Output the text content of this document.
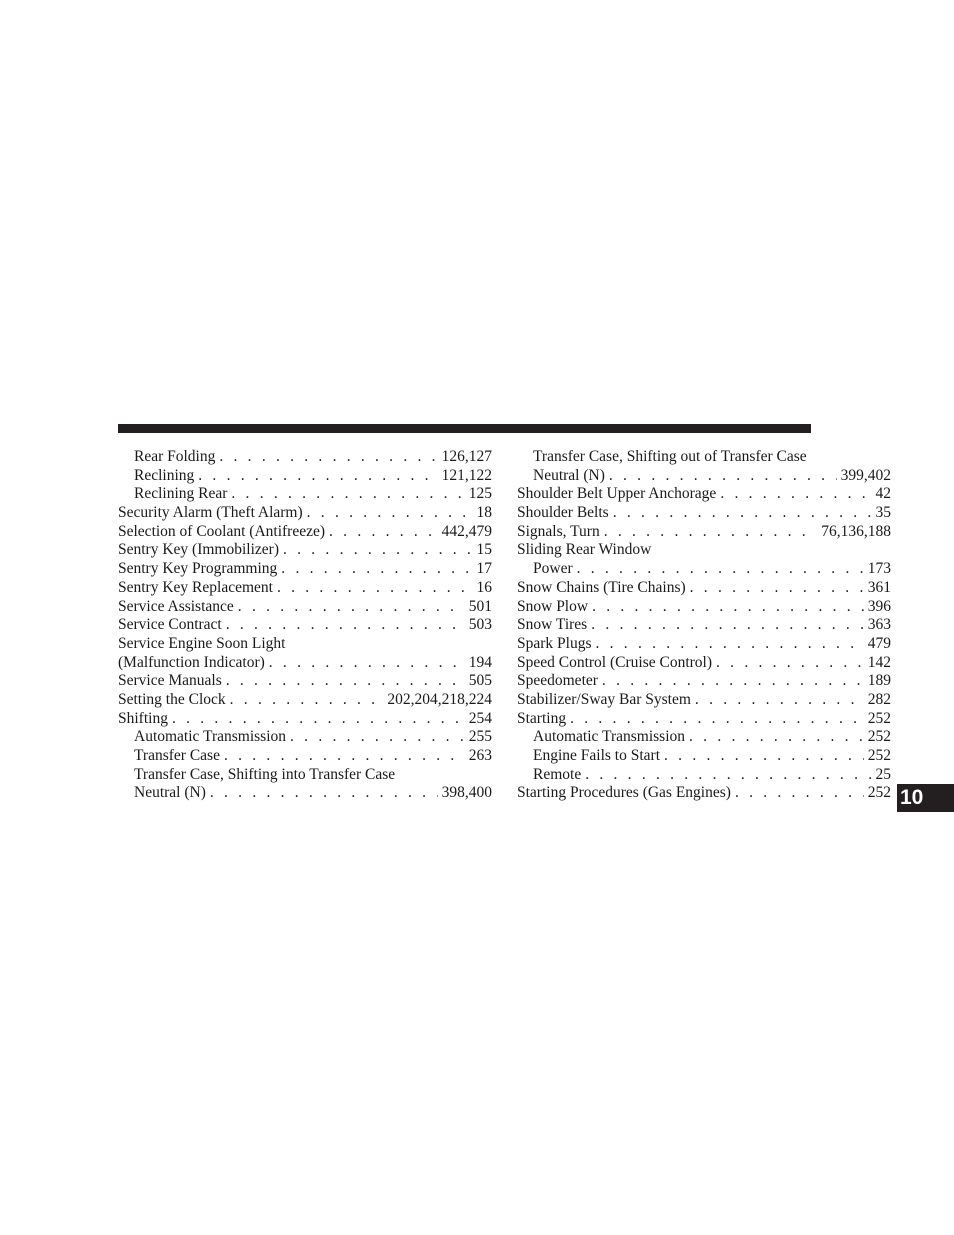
Rear Folding . . .	126,127
Reclining . . .	121,122
Reclining Rear . . .	125
Security Alarm (Theft Alarm) . . .	18
Selection of Coolant (Antifreeze) . . .	442,479
Sentry Key (Immobilizer) . . .	15
Sentry Key Programming . . .	17
Sentry Key Replacement . . .	16
Service Assistance . . .	501
Service Contract . . .	503
Service Engine Soon Light
(Malfunction Indicator) . . .	194
Service Manuals . . .	505
Setting the Clock . . .	202,204,218,224
Shifting . . .	254
Automatic Transmission . . .	255
Transfer Case . . .	263
Transfer Case, Shifting into Transfer Case
Neutral (N) . . .	398,400
Transfer Case, Shifting out of Transfer Case
Neutral (N) . . .	399,402
Shoulder Belt Upper Anchorage . . .	42
Shoulder Belts . . .	35
Signals, Turn . . .	76,136,188
Sliding Rear Window
Power . . .	173
Snow Chains (Tire Chains) . . .	361
Snow Plow . . .	396
Snow Tires . . .	363
Spark Plugs . . .	479
Speed Control (Cruise Control) . . .	142
Speedometer . . .	189
Stabilizer/Sway Bar System . . .	282
Starting . . .	252
Automatic Transmission . . .	252
Engine Fails to Start . . .	252
Remote . . .	25
Starting Procedures (Gas Engines) . . .	252 10
